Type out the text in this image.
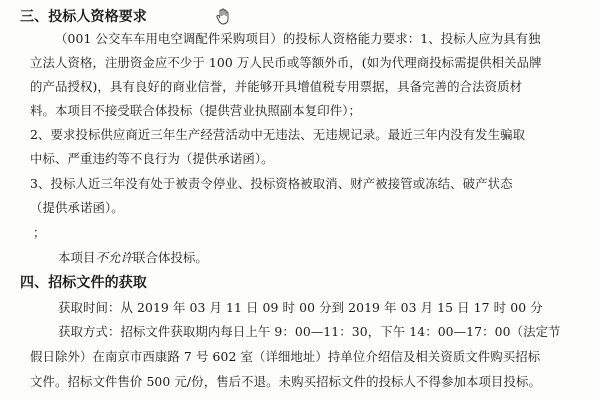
三、投标人资格要求
（001 公交车车用电空调配件采购项目）的投标人资格能力要求：1、投标人应为具有独
立法人资格，注册资金应不少于 100 万人民币或等额外币，(如为代理商投标需提供相关品牌
的产品授权)，具有良好的商业信誉，并能够开具增值税专用票据，具备完善的合法资质材
料。本项目不接受联合体投标（提供营业执照副本复印件）；
2、要求投标供应商近三年生产经营活动中无违法、无违规记录。最近三年内没有发生骗取
中标、严重违约等不良行为（提供承诺函）。
3、投标人近三年没有处于被责令停业、投标资格被取消、财产被接管或冻结、破产状态
（提供承诺函）。
；
本项目不允许联合体投标。
四、招标文件的获取
获取时间：从 2019 年 03 月 11 日 09 时 00 分到 2019 年 03 月 15 日 17 时 00 分
获取方式：招标文件获取期内每日上午 9：00—11：30，下午 14：00—17：00（法定节
假日除外）在南京市西康路 7 号 602 室（详细地址）持单位介绍信及相关资质文件购买招标
文件。招标文件售价 500 元/份，售后不退。未购买招标文件的投标人不得参加本项目投标。
